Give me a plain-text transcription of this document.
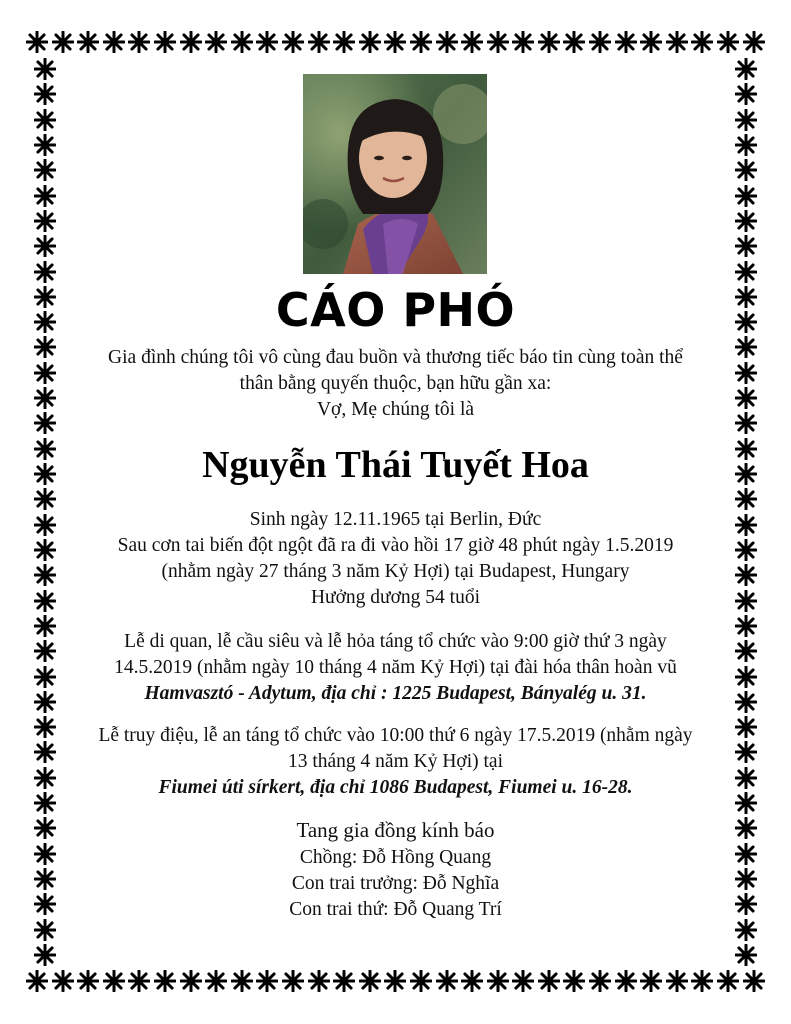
CÁO PHÓ
Gia đình chúng tôi vô cùng đau buồn và thương tiếc báo tin cùng toàn thể
thân bằng quyến thuộc, bạn hữu gần xa:
Vợ, Mẹ chúng tôi là
Nguyễn Thái Tuyết Hoa
Sinh ngày 12.11.1965 tại Berlin, Đức
Sau cơn tai biến đột ngột đã ra đi vào hồi 17 giờ 48 phút ngày 1.5.2019
(nhằm ngày 27 tháng 3 năm Kỷ Hợi) tại Budapest, Hungary
Hưởng dương 54 tuổi
Lễ di quan, lễ cầu siêu và lễ hỏa táng tổ chức vào 9:00 giờ thứ 3 ngày
14.5.2019 (nhằm ngày 10 tháng 4 năm Kỷ Hợi) tại đài hóa thân hoàn vũ
Hamvasztó - Adytum, địa chỉ : 1225 Budapest, Bányalég u. 31.
Lễ truy điệu, lễ an táng tổ chức vào 10:00 thứ 6 ngày 17.5.2019 (nhằm ngày
13 tháng 4 năm Kỷ Hợi) tại
Fiumei úti sírkert, địa chỉ 1086 Budapest, Fiumei u. 16-28.
Tang gia đồng kính báo
Chồng: Đỗ Hồng Quang
Con trai trưởng: Đỗ Nghĩa
Con trai thứ: Đỗ Quang Trí
